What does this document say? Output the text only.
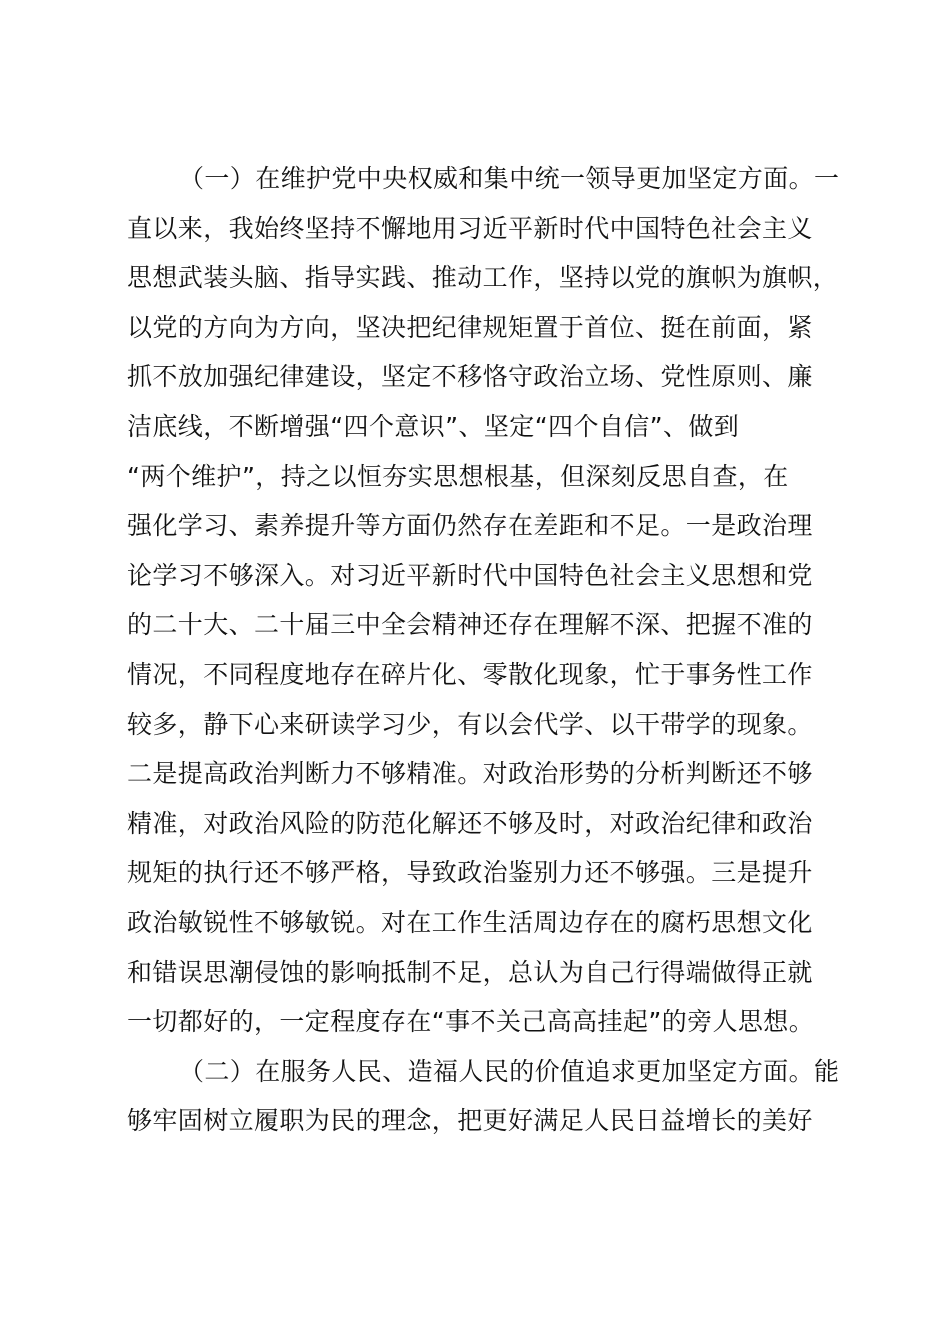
（一）在维护党中央权威和集中统一领导更加坚定方面。一
直以来，我始终坚持不懈地用习近平新时代中国特色社会主义
思想武装头脑、指导实践、推动工作，坚持以党的旗帜为旗帜，
以党的方向为方向，坚决把纪律规矩置于首位、挺在前面，紧
抓不放加强纪律建设，坚定不移恪守政治立场、党性原则、廉
洁底线，不断增强“四个意识”、坚定“四个自信”、做到
“两个维护”，持之以恒夯实思想根基，但深刻反思自查，在
强化学习、素养提升等方面仍然存在差距和不足。一是政治理
论学习不够深入。对习近平新时代中国特色社会主义思想和党
的二十大、二十届三中全会精神还存在理解不深、把握不准的
情况，不同程度地存在碎片化、零散化现象，忙于事务性工作
较多，静下心来研读学习少，有以会代学、以干带学的现象。
二是提高政治判断力不够精准。对政治形势的分析判断还不够
精准，对政治风险的防范化解还不够及时，对政治纪律和政治
规矩的执行还不够严格，导致政治鉴别力还不够强。三是提升
政治敏锐性不够敏锐。对在工作生活周边存在的腐朽思想文化
和错误思潮侵蚀的影响抵制不足，总认为自己行得端做得正就
一切都好的，一定程度存在“事不关己高高挂起”的旁人思想。
（二）在服务人民、造福人民的价值追求更加坚定方面。能
够牢固树立履职为民的理念，把更好满足人民日益增长的美好
